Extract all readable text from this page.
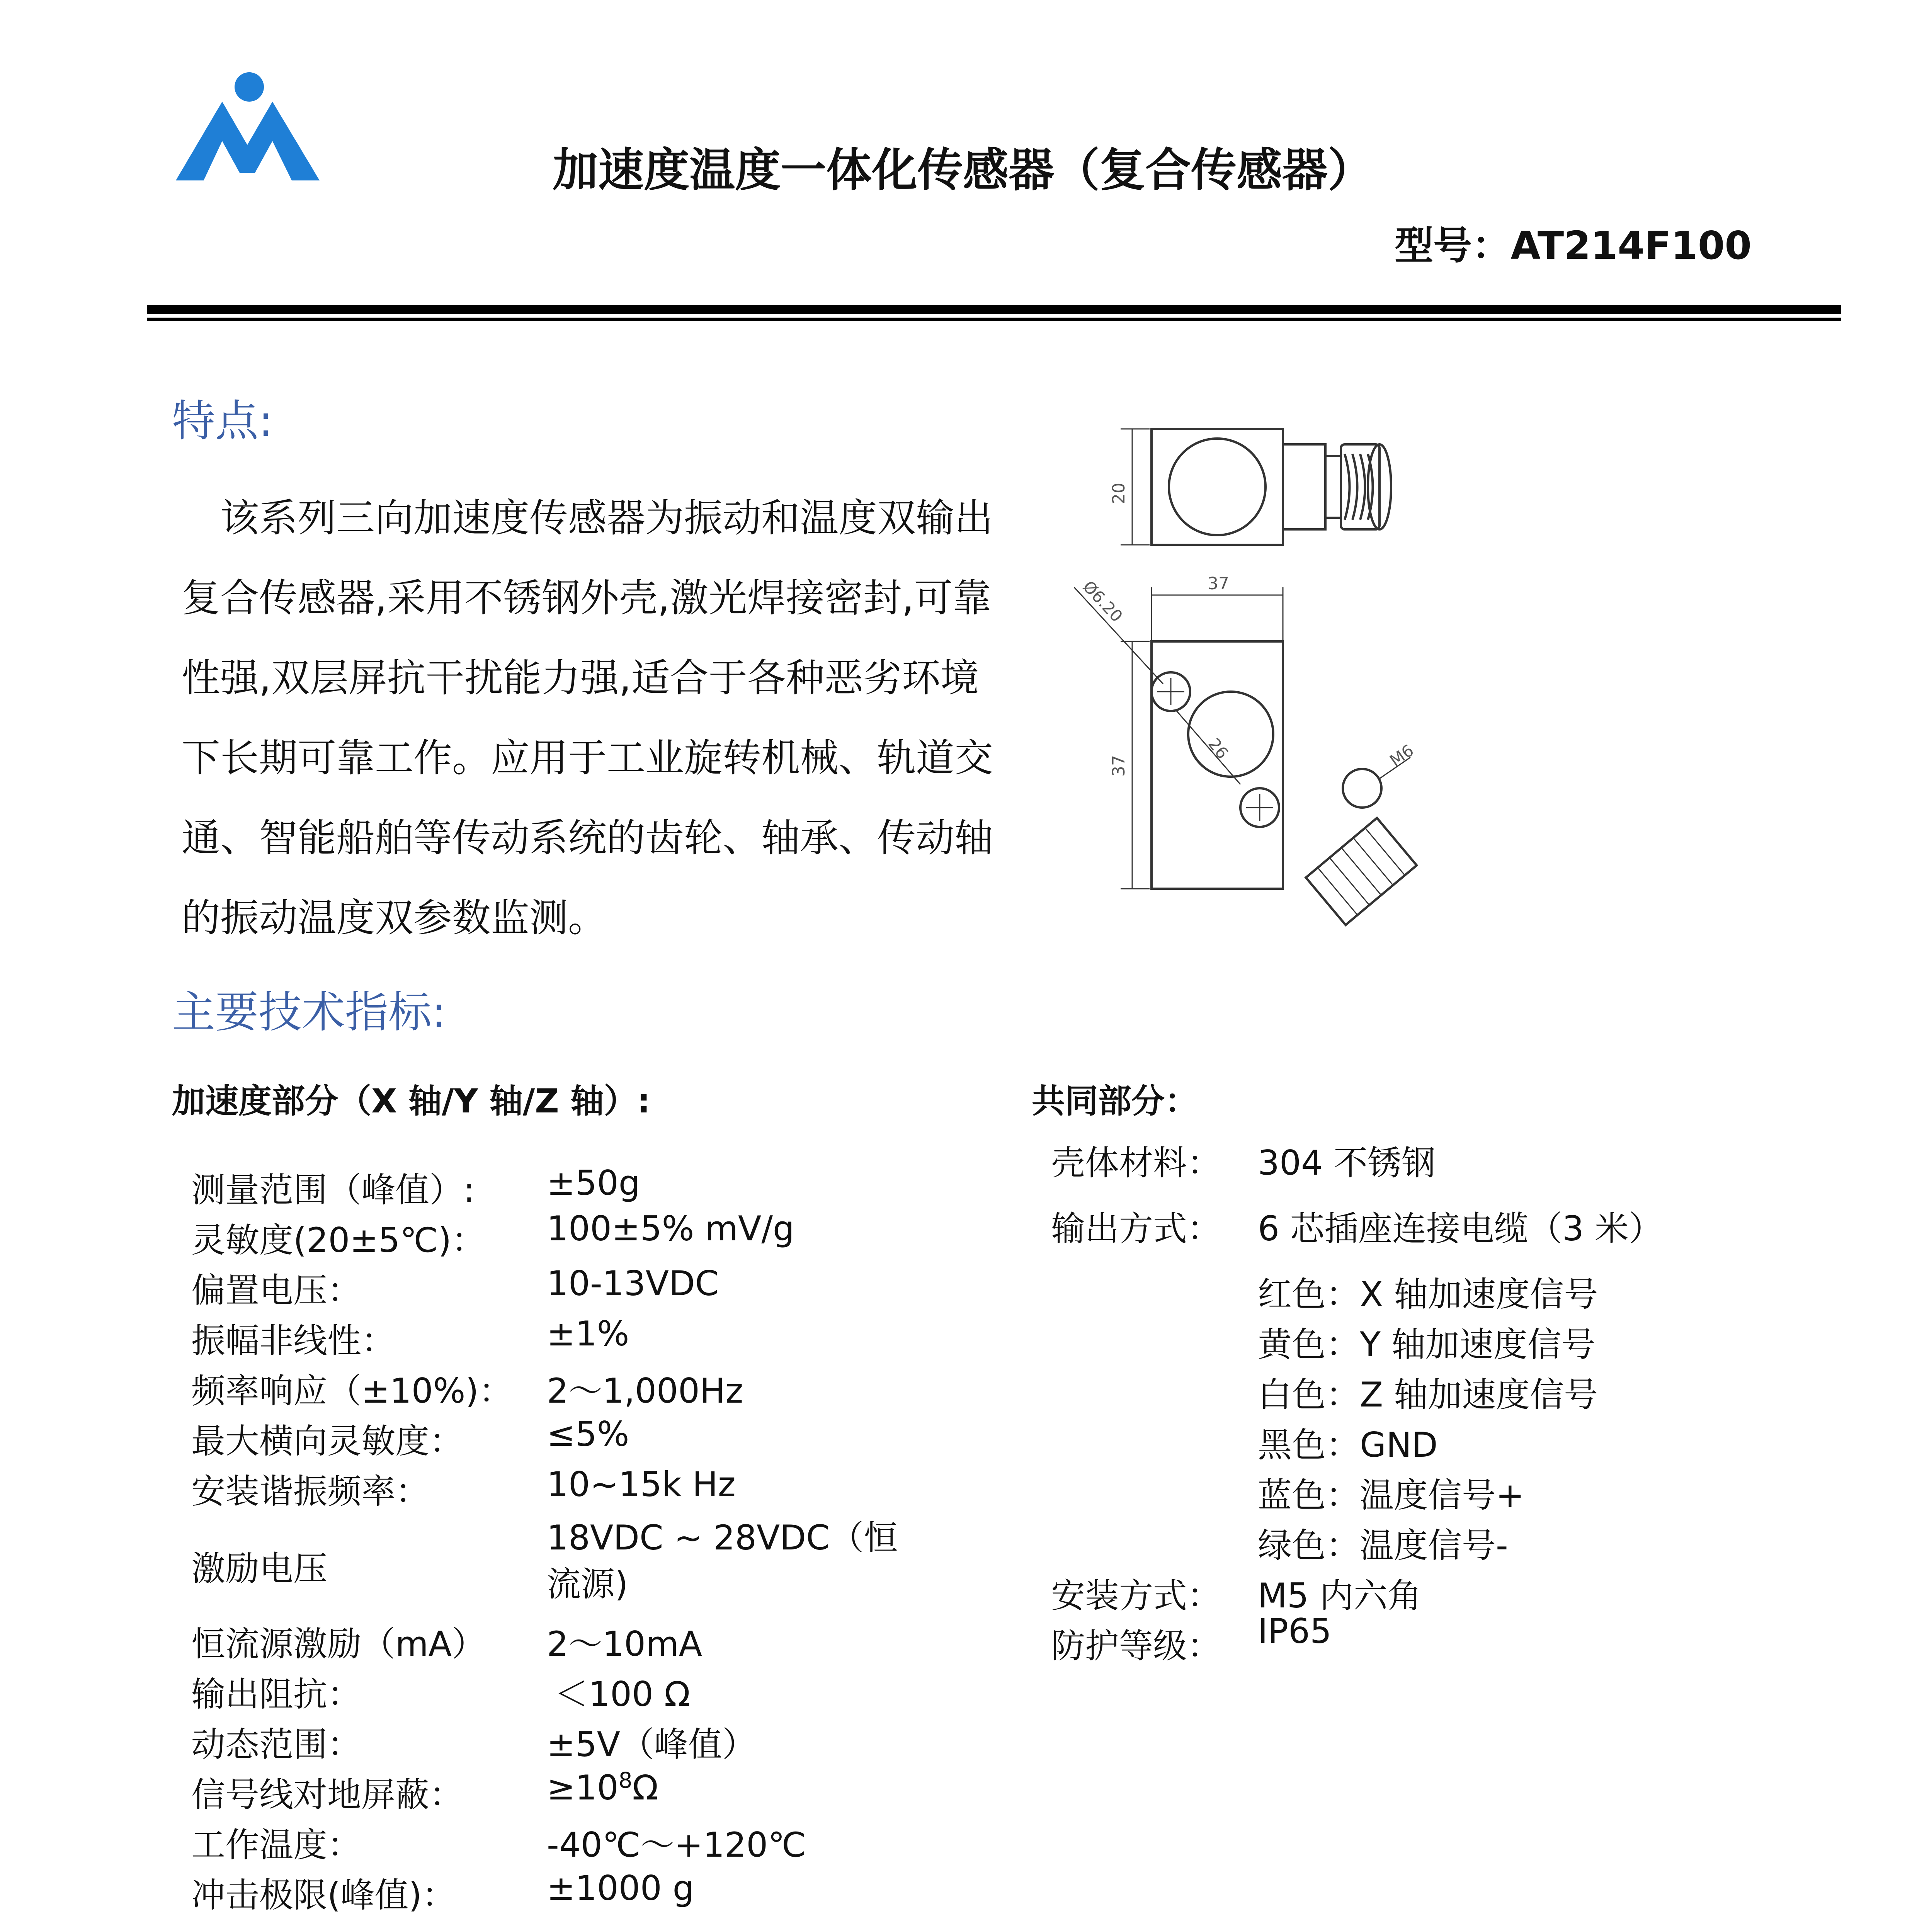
加速度温度一体化传感器（复合传感器）
型号：AT214F100
特点:
该系列三向加速度传感器为振动和温度双输出复合传感器,采用不锈钢外壳,激光焊接密封,可靠性强,双层屏抗干扰能力强,适合于各种恶劣环境下长期可靠工作。应用于工业旋转机械、轨道交通、智能船舶等传动系统的齿轮、轴承、传动轴的振动温度双参数监测。
20
37
Ø6.20
37
26	M6
主要技术指标:
加速度部分（X 轴/Y 轴/Z 轴）:
测量范围（峰值）: ±50g
灵敏度(20±5℃)： 100±5% mV/g
偏置电压：	10-13VDC
振幅非线性：	±1%
频率响应（±10%)： 2～1,000Hz
最大横向灵敏度： ≤5%
安装谐振频率：	10~15k Hz
激励电压
18VDC ~ 28VDC（恒
流源)
恒流源激励（mA） 2～10mA
输出阻抗：	＜100 Ω
动态范围：	±5V（峰值）
信号线对地屏蔽： $\ge 10^8\Omega$
工作温度：	-40℃～+120℃
冲击极限(峰值)：	±1000 g
共同部分：
壳体材料： 304 不锈钢
输出方式： 6 芯插座连接电缆（3 米）
红色：X 轴加速度信号
黄色：Y 轴加速度信号
白色：Z 轴加速度信号
黑色：GND
蓝色：温度信号+
绿色：温度信号-
安装方式： M5 内六角
防护等级： IP65
